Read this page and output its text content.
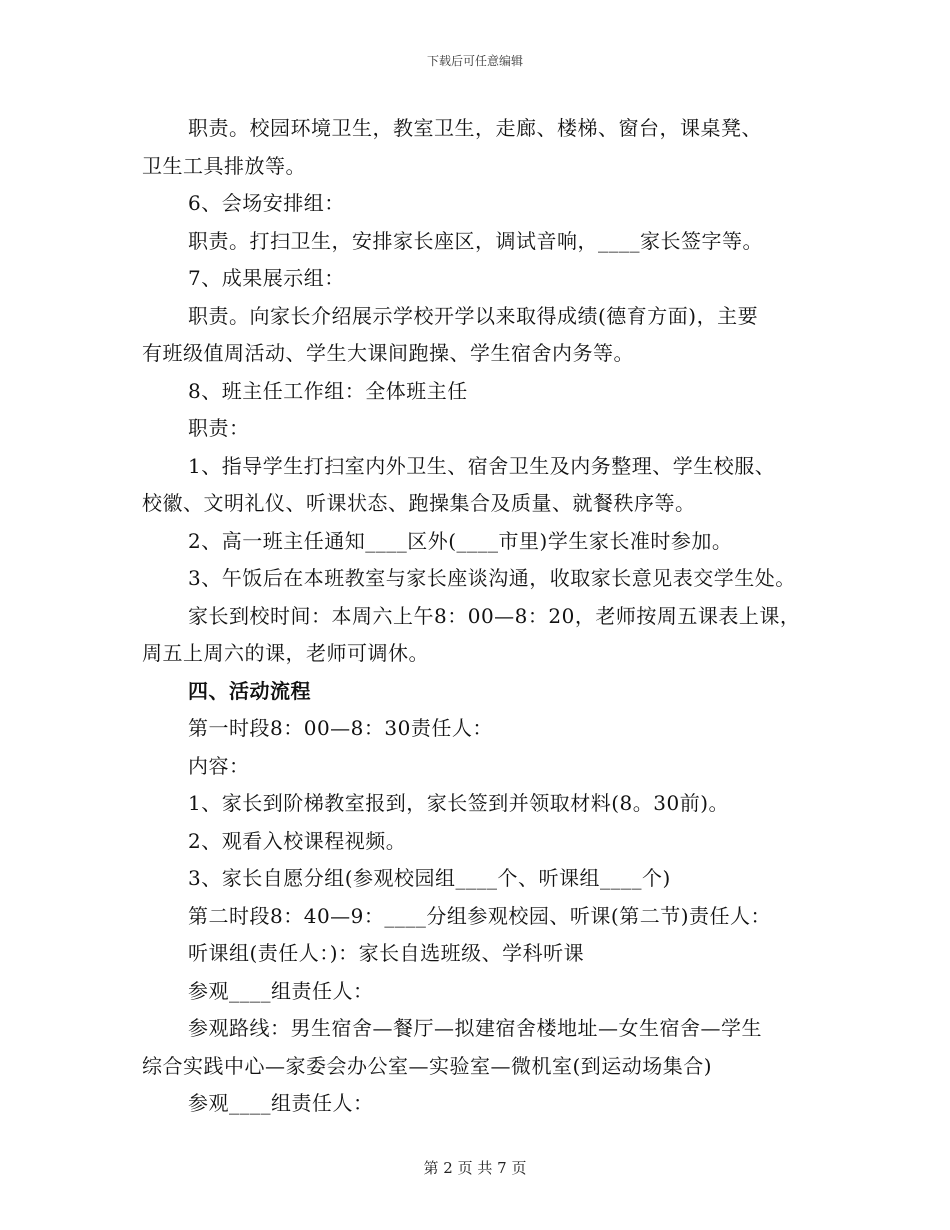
下载后可任意编辑
职责。校园环境卫生，教室卫生，走廊、楼梯、窗台，课桌凳、
卫生工具排放等。
6、会场安排组：
职责。打扫卫生，安排家长座区，调试音响，____家长签字等。
7、成果展示组：
职责。向家长介绍展示学校开学以来取得成绩(德育方面)，主要
有班级值周活动、学生大课间跑操、学生宿舍内务等。
8、班主任工作组：全体班主任
职责：
1、指导学生打扫室内外卫生、宿舍卫生及内务整理、学生校服、
校徽、文明礼仪、听课状态、跑操集合及质量、就餐秩序等。
2、高一班主任通知____区外(____市里)学生家长准时参加。
3、午饭后在本班教室与家长座谈沟通，收取家长意见表交学生处。
家长到校时间：本周六上午8：00—8：20，老师按周五课表上课，
周五上周六的课，老师可调休。
四、活动流程
第一时段8：00—8：30责任人：
内容：
1、家长到阶梯教室报到，家长签到并领取材料(8。30前)。
2、观看入校课程视频。
3、家长自愿分组(参观校园组____个、听课组____个)
第二时段8：40—9：____分组参观校园、听课(第二节)责任人：
听课组(责任人：)：家长自选班级、学科听课
参观____组责任人：
参观路线：男生宿舍—餐厅—拟建宿舍楼地址—女生宿舍—学生
综合实践中心—家委会办公室—实验室—微机室(到运动场集合)
参观____组责任人：
第 2 页 共 7 页
